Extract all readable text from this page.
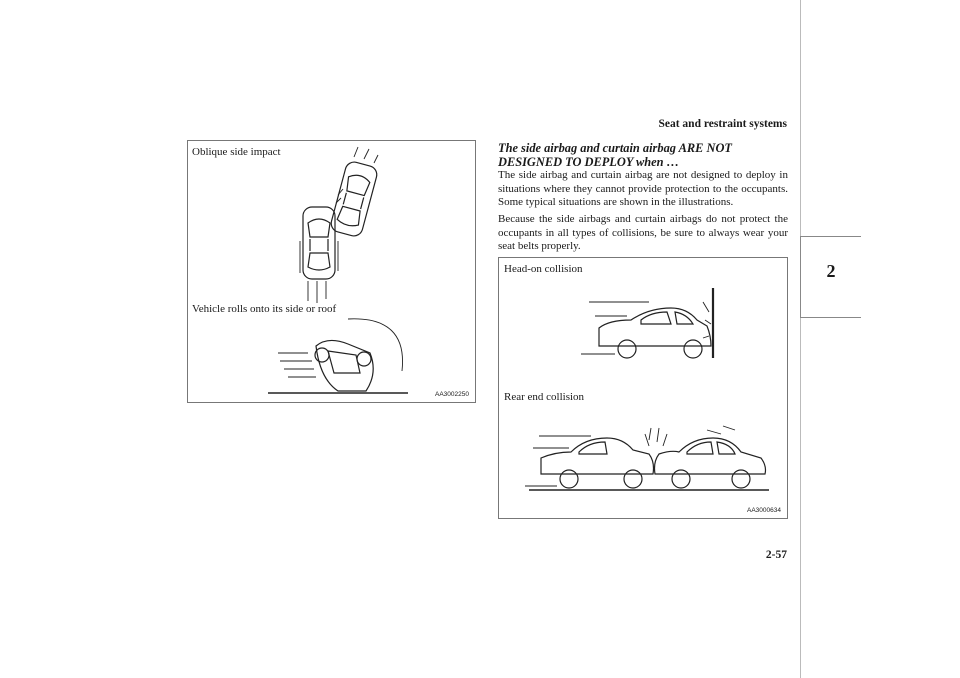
Seat and restraint systems
2
Oblique side impact
Vehicle rolls onto its side or roof
AA3002250
The side airbag and curtain airbag ARE NOT
DESIGNED TO DEPLOY when …
The side airbag and curtain airbag are not designed to deploy in situations where they cannot provide protection to the occupants. Some typical situations are shown in the illustrations.
Because the side airbags and curtain airbags do not protect the occupants in all types of collisions, be sure to always wear your seat belts properly.
Head-on collision
Rear end collision
AA3000634
2-57
